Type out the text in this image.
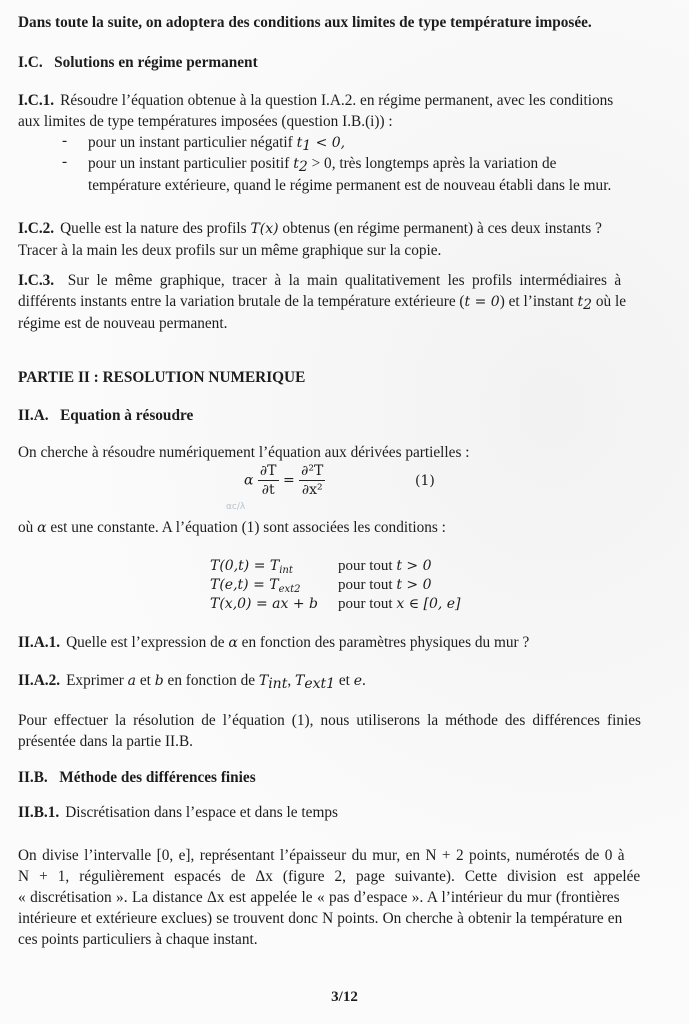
Dans toute la suite, on adoptera des conditions aux limites de type température imposée.
I.C. Solutions en régime permanent
I.C.1. Résoudre l’équation obtenue à la question I.A.2. en régime permanent, avec les conditions
aux limites de type températures imposées (question I.B.(i)) :
- pour un instant particulier négatif $t_1 < 0$,
- pour un instant particulier positif $t_2 > 0$, très longtemps après la variation de
température extérieure, quand le régime permanent est de nouveau établi dans le mur.
I.C.2. Quelle est la nature des profils T(x) obtenus (en régime permanent) à ces deux instants ?
Tracer à la main les deux profils sur un même graphique sur la copie.
I.C.3. Sur le même graphique, tracer à la main qualitativement les profils intermédiaires à
différents instants entre la variation brutale de la température extérieure (t = 0) et l’instant $t_2$ où le
régime est de nouveau permanent.
PARTIE II : RESOLUTION NUMERIQUE
II.A. Equation à résoudre
On cherche à résoudre numériquement l’équation aux dérivées partielles :
α $\frac{\partial T}{\partial t} = \frac{\text{∂²T}}{\text{∂x²}}$	(1)
αc/λ
où α est une constante. A l’équation (1) sont associées les conditions :
$T(0,t) = T_{int}$	pour tout t > 0
$T(e,t) = T_{ext2}$ pour tout t > 0
T(x,0) = ax + b pour tout x ∈ [0, e]
II.A.1. Quelle est l’expression de α en fonction des paramètres physiques du mur ?
II.A.2. Exprimer a et b en fonction de $T_{int}$, $T_{ext1}$ et e.
Pour effectuer la résolution de l’équation (1), nous utiliserons la méthode des différences finies
présentée dans la partie II.B.
II.B. Méthode des différences finies
II.B.1. Discrétisation dans l’espace et dans le temps
On divise l’intervalle [0, e], représentant l’épaisseur du mur, en N + 2 points, numérotés de 0 à
N + 1, régulièrement espacés de Δx (figure 2, page suivante). Cette division est appelée
« discrétisation ». La distance Δx est appelée le « pas d’espace ». A l’intérieur du mur (frontières
intérieure et extérieure exclues) se trouvent donc N points. On cherche à obtenir la température en
ces points particuliers à chaque instant.
3/12
